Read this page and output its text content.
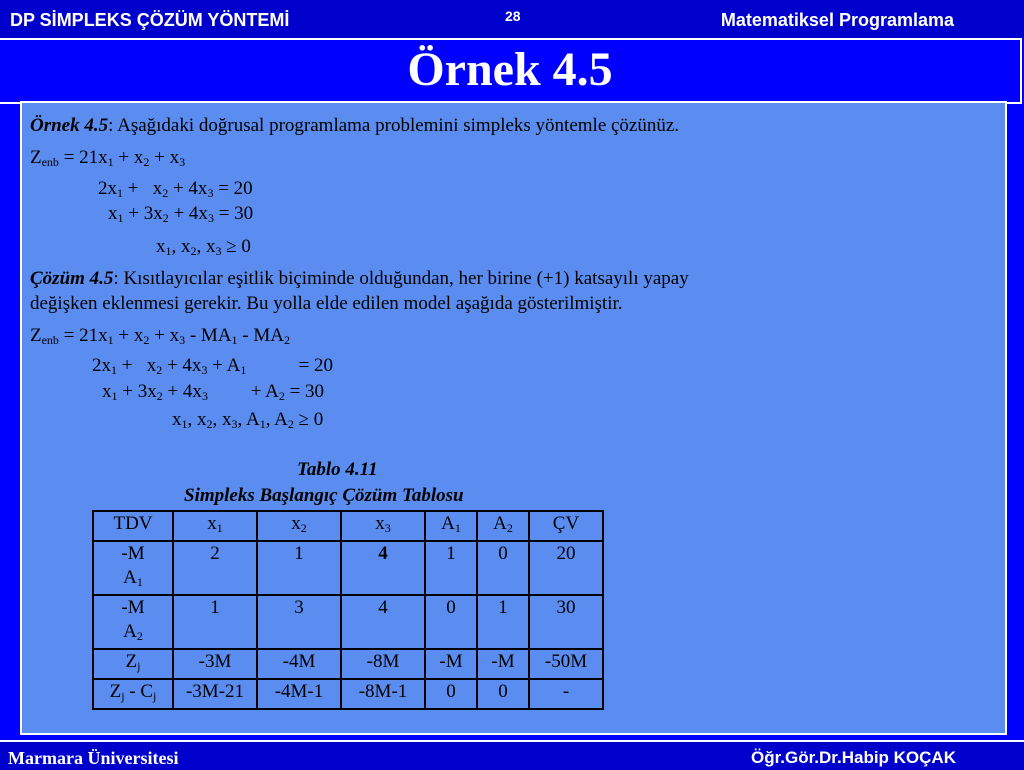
DP SİMPLEKS ÇÖZÜM YÖNTEMİ	28	Matematiksel Programlama
Örnek 4.5
Örnek 4.5: Aşağıdaki doğrusal programlama problemini simpleks yöntemle çözünüz.
$Z_{enb} = 21x_1 + x_2 + x_3$
$2x_1 + x_2 + 4x_3 = 20$
$x_1 + 3x_2 + 4x_3 = 30$
$x_1$, $x_2$, $x_3 \ge 0$
Çözüm 4.5: Kısıtlayıcılar eşitlik biçiminde olduğundan, her birine (+1) katsayılı yapay
değişken eklenmesi gerekir. Bu yolla elde edilen model aşağıda gösterilmiştir.
$Z_{enb} = 21x_1 + x_2 + x_3 - MA_1 - MA_2$
$2x_1 + x_2 + 4x_3 + A_1$           = 20
$x_1 + 3x_2 + 4x_3$         + $A_2 = 30$
$x_1$, $x_2$, $x_3$, $A_1$, $A_2 \ge 0$
Tablo 4.11
Simpleks Başlangıç Çözüm Tablosu
TDV	$x_1$	$x_2$	$x_3$	$A_1$	$A_2$	ÇV
-M
$A_1$	2	1	4	1	0	20
-M
$A_2$	1	3	4	0	1	30
$Z_j$	-3M	-4M	-8M	-M	-M	-50M
$Z_j - C_j$	-3M-21	-4M-1	-8M-1	0	0	-
Marmara Üniversitesi	Öğr.Gör.Dr.Habip KOÇAK
